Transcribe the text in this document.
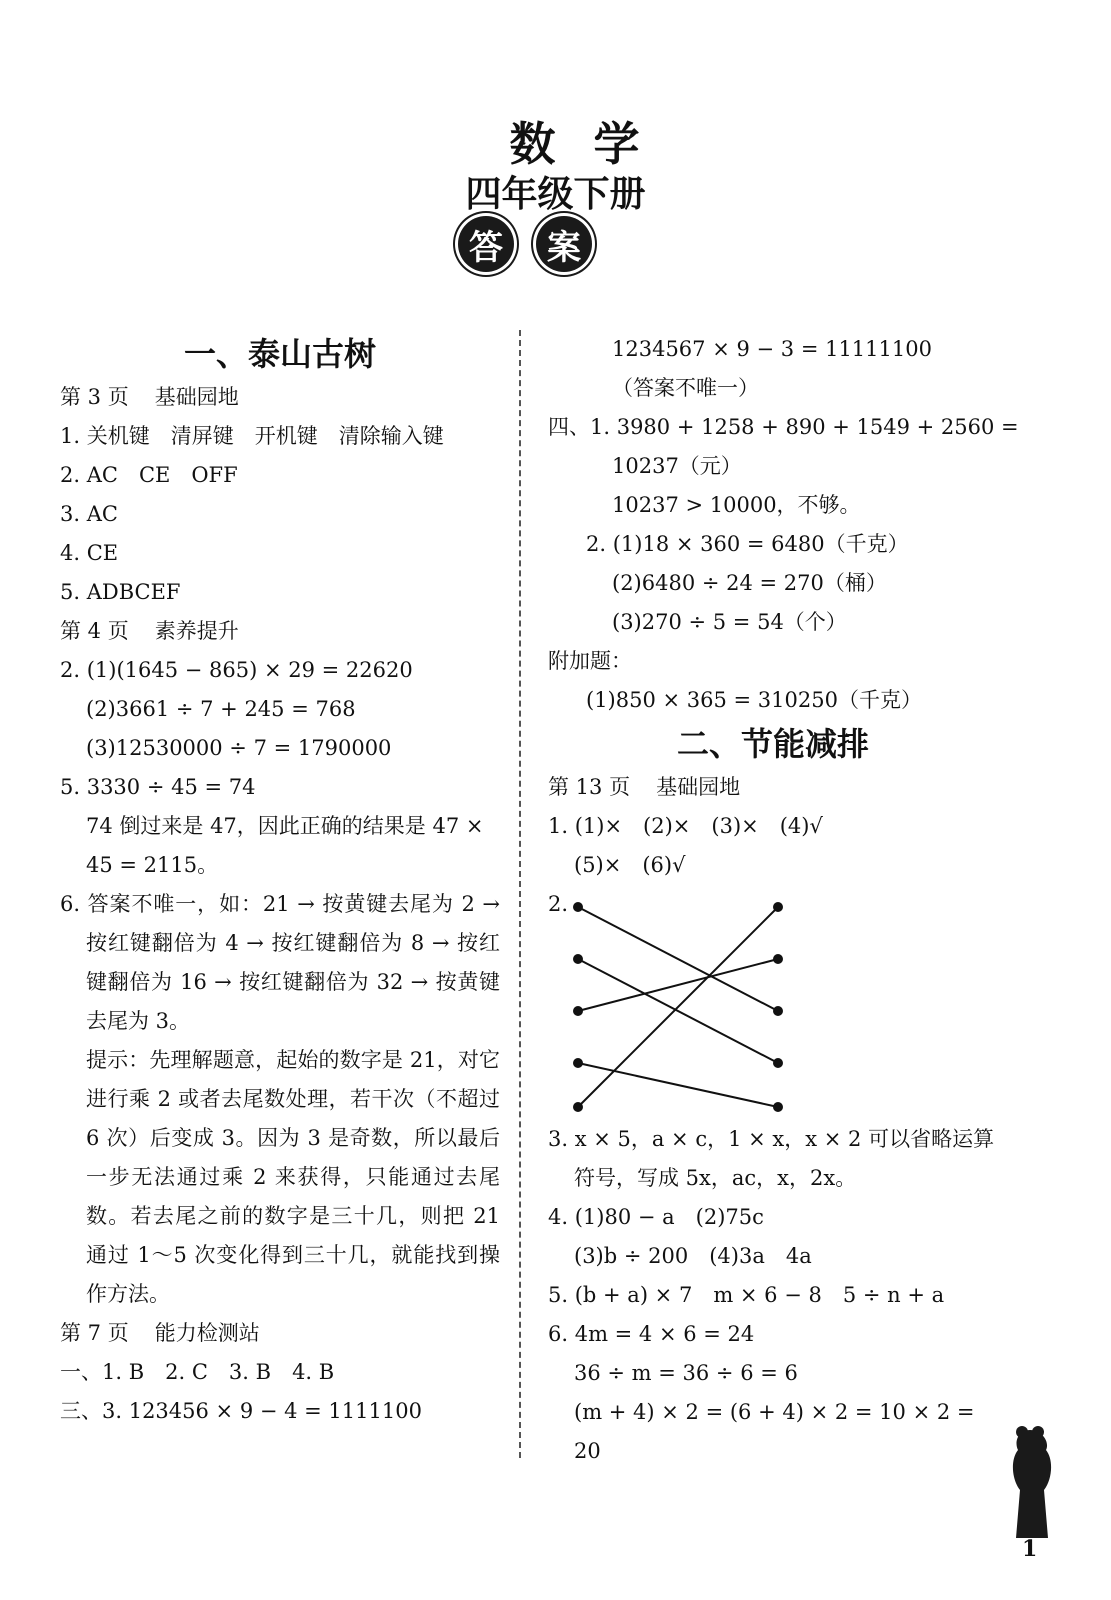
数学
四年级下册
答	案
一、泰山古树
第 3 页 基础园地
1. 关机键　清屏键　开机键　清除输入键
2. AC　CE　OFF
3. AC
4. CE
5. ADBCEF
第 4 页 素养提升
2. (1)(1645 − 865) × 29 = 22620
(2)3661 ÷ 7 + 245 = 768
(3)12530000 ÷ 7 = 1790000
5. 3330 ÷ 45 = 74
74 倒过来是 47，因此正确的结果是 47 ×
45 = 2115。
6. 答案不唯一，如：21 → 按黄键去尾为 2 → 按红键翻倍为 4 → 按红键翻倍为 8 → 按红键翻倍为 16 → 按红键翻倍为 32 → 按黄键去尾为 3。
提示：先理解题意，起始的数字是 21，对它进行乘 2 或者去尾数处理，若干次（不超过 6 次）后变成 3。因为 3 是奇数，所以最后一步无法通过乘 2 来获得，只能通过去尾数。若去尾之前的数字是三十几，则把 21 通过 1～5 次变化得到三十几，就能找到操作方法。
第 7 页 能力检测站
一、1. B　2. C　3. B　4. B
三、3. 123456 × 9 − 4 = 1111100
1234567 × 9 − 3 = 11111100
（答案不唯一）
四、1. 3980 + 1258 + 890 + 1549 + 2560 =
10237（元）
10237 > 10000，不够。
2. (1)18 × 360 = 6480（千克）
(2)6480 ÷ 24 = 270（桶）
(3)270 ÷ 5 = 54（个）
附加题：
(1)850 × 365 = 310250（千克）
二、节能减排
第 13 页 基础园地
1. (1)×　(2)×　(3)×　(4)√
(5)×　(6)√
2.
3. x × 5，a × c，1 × x，x × 2 可以省略运算
符号，写成 5x，ac，x，2x。
4. (1)80 − a　(2)75c
(3)b ÷ 200　(4)3a　4a
5. (b + a) × 7　m × 6 − 8　5 ÷ n + a
6. 4m = 4 × 6 = 24
36 ÷ m = 36 ÷ 6 = 6
(m + 4) × 2 = (6 + 4) × 2 = 10 × 2 =
20
1
